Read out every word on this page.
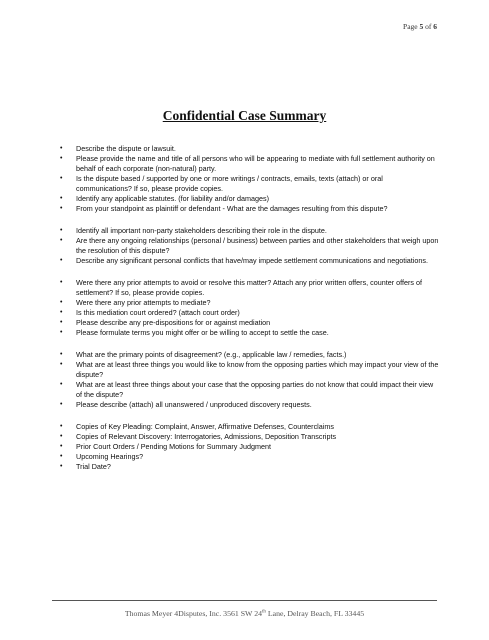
Page 5 of 6
Confidential Case Summary
• Describe the dispute or lawsuit.
• Please provide the name and title of all persons who will be appearing to mediate with full settlement authority on behalf of each corporate (non-natural) party.
• Is the dispute based / supported by one or more writings / contracts, emails, texts (attach) or oral communications? If so, please provide copies.
• Identify any applicable statutes. (for liability and/or damages)
• From your standpoint as plaintiff or defendant - What are the damages resulting from this dispute?
• Identify all important non-party stakeholders describing their role in the dispute.
• Are there any ongoing relationships (personal / business) between parties and other stakeholders that weigh upon the resolution of this dispute?
• Describe any significant personal conflicts that have/may impede settlement communications and negotiations.
• Were there any prior attempts to avoid or resolve this matter? Attach any prior written offers, counter offers of settlement? If so, please provide copies.
• Were there any prior attempts to mediate?
• Is this mediation court ordered? (attach court order)
• Please describe any pre-dispositions for or against mediation
• Please formulate terms you might offer or be willing to accept to settle the case.
• What are the primary points of disagreement? (e.g., applicable law / remedies, facts.)
• What are at least three things you would like to know from the opposing parties which may impact your view of the dispute?
• What are at least three things about your case that the opposing parties do not know that could impact their view of the dispute?
• Please describe (attach) all unanswered / unproduced discovery requests.
• Copies of Key Pleading: Complaint, Answer, Affirmative Defenses, Counterclaims
• Copies of Relevant Discovery: Interrogatories, Admissions, Deposition Transcripts
• Prior Court Orders / Pending Motions for Summary Judgment
• Upcoming Hearings?
• Trial Date?
Thomas Meyer 4Disputes, Inc. 3561 SW 24th Lane, Delray Beach, FL 33445
